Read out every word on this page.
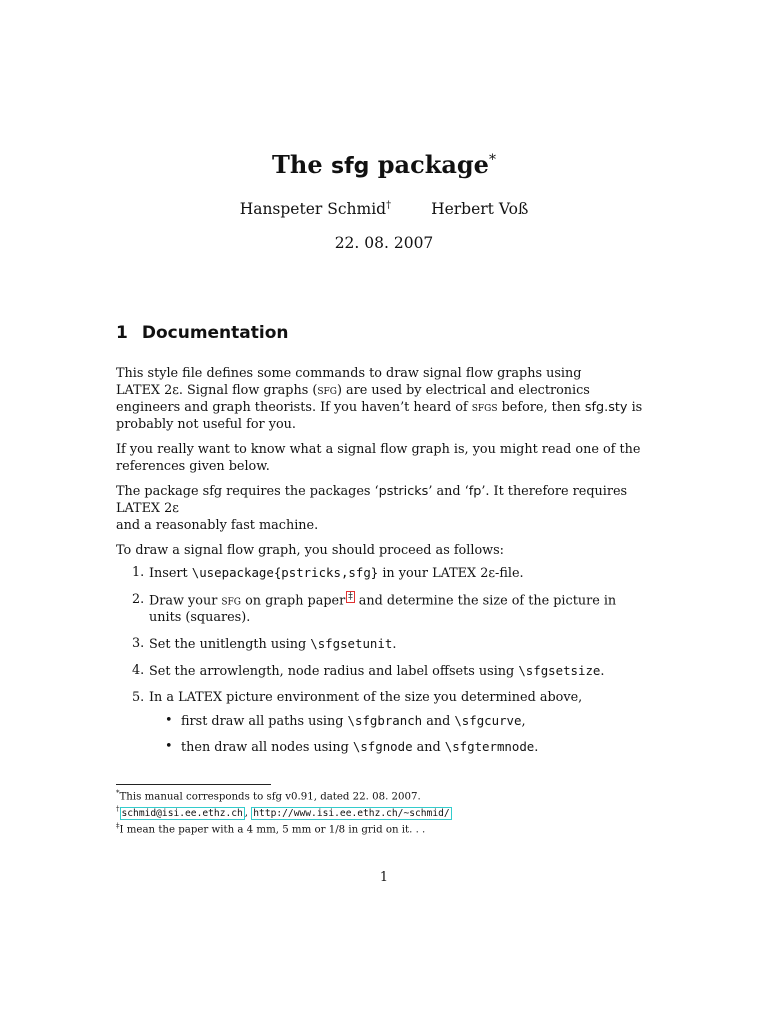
The sfg package*
Hanspeter Schmid†	Herbert Voß
22. 08. 2007
1 Documentation

This style file defines some commands to draw signal flow graphs using LATEX 2ε. Signal flow graphs (sfg) are used by electrical and electronics engineers and graph theorists. If you haven’t heard of sfgs before, then sfg.sty is probably not useful for you.

If you really want to know what a signal flow graph is, you might read one of the references given below.

The package sfg requires the packages ‘pstricks’ and ‘fp’. It therefore requires LATEX 2ε
and a reasonably fast machine.

To draw a signal flow graph, you should proceed as follows:

1. Insert \usepackage{pstricks,sfg} in your LATEX 2ε-file.
2. Draw your sfg on graph paper ‡ and determine the size of the picture in units (squares).
3. Set the unitlength using \sfgsetunit.
4. Set the arrowlength, node radius and label offsets using \sfgsetsize.
5. In a LATEX picture environment of the size you determined above,
• first draw all paths using \sfgbranch and \sfgcurve,
• then draw all nodes using \sfgnode and \sfgtermnode.
*This manual corresponds to sfg v0.91, dated 22. 08. 2007.
† schmid@isi.ee.ethz.ch , http://www.isi.ee.ethz.ch/~schmid/
‡I mean the paper with a 4 mm, 5 mm or 1/8 in grid on it. . .
1
